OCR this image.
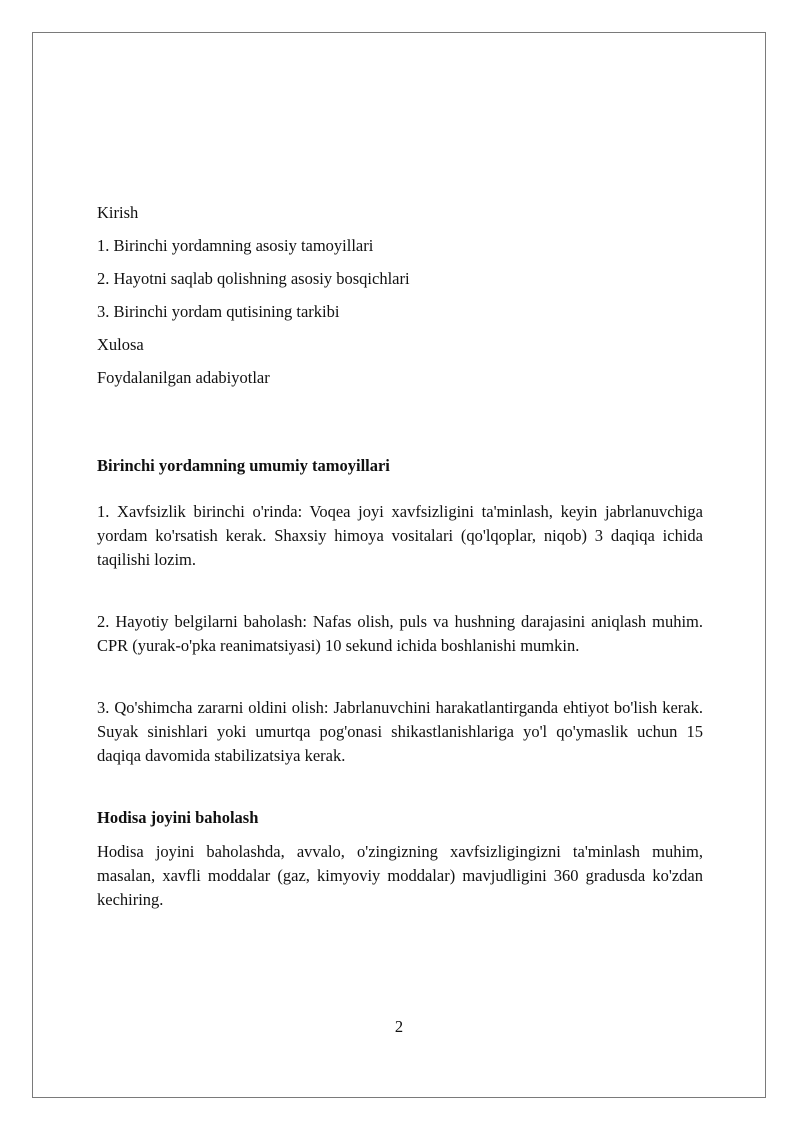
Kirish

1. Birinchi yordamning asosiy tamoyillari

2. Hayotni saqlab qolishning asosiy bosqichlari

3. Birinchi yordam qutisining tarkibi

Xulosa

Foydalanilgan adabiyotlar

Birinchi yordamning umumiy tamoyillari

1. Xavfsizlik birinchi o'rinda: Voqea joyi xavfsizligini ta'minlash, keyin jabrlanuvchiga yordam ko'rsatish kerak. Shaxsiy himoya vositalari (qo'lqoplar, niqob) 3 daqiqa ichida taqilishi lozim.

2. Hayotiy belgilarni baholash: Nafas olish, puls va hushning darajasini aniqlash muhim. CPR (yurak-o'pka reanimatsiyasi) 10 sekund ichida boshlanishi mumkin.

3. Qo'shimcha zararni oldini olish: Jabrlanuvchini harakatlantirganda ehtiyot bo'lish kerak. Suyak sinishlari yoki umurtqa pog'onasi shikastlanishlariga yo'l qo'ymaslik uchun 15 daqiqa davomida stabilizatsiya kerak.

Hodisa joyini baholash

Hodisa joyini baholashda, avvalo, o'zingizning xavfsizligingizni ta'minlash muhim, masalan, xavfli moddalar (gaz, kimyoviy moddalar) mavjudligini 360 gradusda ko'zdan kechiring.

2
